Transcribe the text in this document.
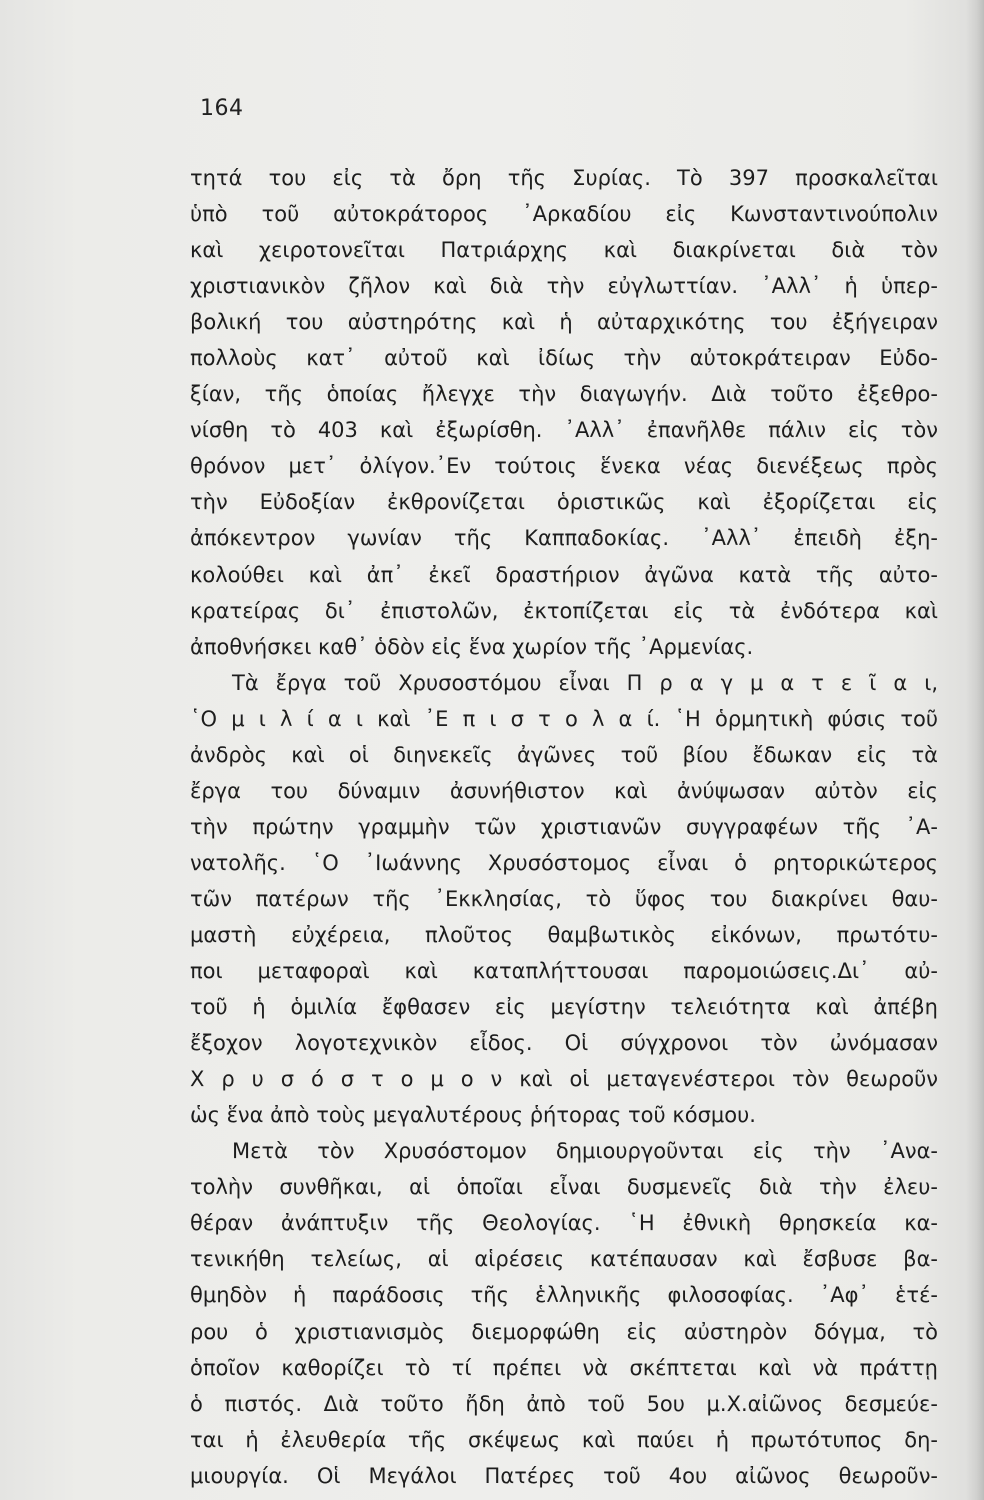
164
τητά του εἰς τὰ ὄρη τῆς Συρίας. Τὸ 397 προσκαλεῖται
ὑπὸ τοῦ αὐτοκράτορος ᾿Αρκαδίου εἰς Κωνσταντινούπολιν
καὶ χειροτονεῖται Πατριάρχης καὶ διακρίνεται διὰ τὸν
χριστιανικὸν ζῆλον καὶ διὰ τὴν εὐγλωττίαν. ᾿Αλλ᾿ ἡ ὑπερ-
βολική του αὐστηρότης καὶ ἡ αὐταρχικότης του ἐξήγειραν
πολλοὺς κατ᾿ αὐτοῦ καὶ ἰδίως τὴν αὐτοκράτειραν Εὐδο-
ξίαν, τῆς ὁποίας ἤλεγχε τὴν διαγωγήν. Διὰ τοῦτο ἐξεθρο-
νίσθη τὸ 403 καὶ ἐξωρίσθη. ᾿Αλλ᾿ ἐπανῆλθε πάλιν εἰς τὸν
θρόνον μετ᾿ ὀλίγον.᾿Εν τούτοις ἕνεκα νέας διενέξεως πρὸς
τὴν Εὐδοξίαν ἐκθρονίζεται ὁριστικῶς καὶ ἐξορίζεται εἰς
ἀπόκεντρον γωνίαν τῆς Καππαδοκίας. ᾿Αλλ᾿ ἐπειδὴ ἐξη-
κολούθει καὶ ἀπ᾿ ἐκεῖ δραστήριον ἀγῶνα κατὰ τῆς αὐτο-
κρατείρας δι᾿ ἐπιστολῶν, ἐκτοπίζεται εἰς τὰ ἐνδότερα καὶ
ἀποθνήσκει καθ᾿ ὁδὸν εἰς ἕνα χωρίον τῆς ᾿Αρμενίας.
Τὰ ἔργα τοῦ Χρυσοστόμου εἶναι Π ρ α γ μ α τ ε ῖ α ι,
῾Ο μ ι λ ί α ι καὶ ᾿Ε π ι σ τ ο λ α ί. ῾Η ὁρμητικὴ φύσις τοῦ
ἀνδρὸς καὶ οἱ διηνεκεῖς ἀγῶνες τοῦ βίου ἔδωκαν εἰς τὰ
ἔργα του δύναμιν ἀσυνήθιστον καὶ ἀνύψωσαν αὐτὸν εἰς
τὴν πρώτην γραμμὴν τῶν χριστιανῶν συγγραφέων τῆς ᾿Α-
νατολῆς. ῾Ο ᾿Ιωάννης Χρυσόστομος εἶναι ὁ ρητορικώτερος
τῶν πατέρων τῆς ᾿Εκκλησίας, τὸ ὕφος του διακρίνει θαυ-
μαστὴ εὐχέρεια, πλοῦτος θαμβωτικὸς εἰκόνων, πρωτότυ-
ποι μεταφοραὶ καὶ καταπλήττουσαι παρομοιώσεις.Δι᾿ αὐ-
τοῦ ἡ ὁμιλία ἔφθασεν εἰς μεγίστην τελειότητα καὶ ἀπέβη
ἔξοχον λογοτεχνικὸν εἶδος. Οἱ σύγχρονοι τὸν ὠνόμασαν
Χ ρ υ σ ό σ τ ο μ ο ν καὶ οἱ μεταγενέστεροι τὸν θεωροῦν
ὡς ἕνα ἀπὸ τοὺς μεγαλυτέρους ῥήτορας τοῦ κόσμου.
Μετὰ τὸν Χρυσόστομον δημιουργοῦνται εἰς τὴν ᾿Ανα-
τολὴν συνθῆκαι, αἱ ὁποῖαι εἶναι δυσμενεῖς διὰ τὴν ἐλευ-
θέραν ἀνάπτυξιν τῆς Θεολογίας. ῾Η ἐθνικὴ θρησκεία κα-
τενικήθη τελείως, αἱ αἱρέσεις κατέπαυσαν καὶ ἔσβυσε βα-
θμηδὸν ἡ παράδοσις τῆς ἑλληνικῆς φιλοσοφίας. ᾿Αφ᾿ ἑτέ-
ρου ὁ χριστιανισμὸς διεμορφώθη εἰς αὐστηρὸν δόγμα, τὸ
ὁποῖον καθορίζει τὸ τί πρέπει νὰ σκέπτεται καὶ νὰ πράττῃ
ὁ πιστός. Διὰ τοῦτο ἤδη ἀπὸ τοῦ 5ου μ.Χ.αἰῶνος δεσμεύε-
ται ἡ ἐλευθερία τῆς σκέψεως καὶ παύει ἡ πρωτότυπος δη-
μιουργία. Οἱ Μεγάλοι Πατέρες τοῦ 4ου αἰῶνος θεωροῦν-
